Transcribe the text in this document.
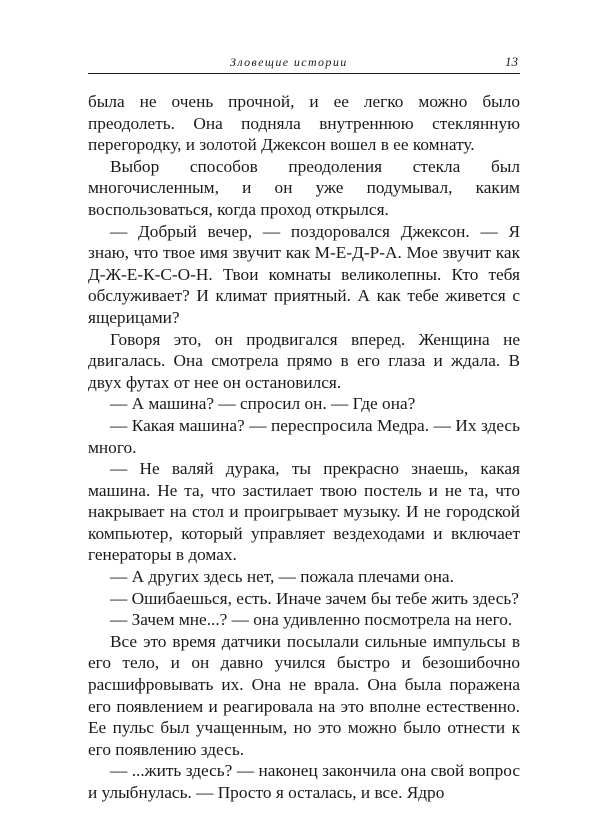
Зловещие истории	13

была не очень прочной, и ее легко можно было преодолеть. Она подняла внутреннюю стеклянную перегородку, и золотой Джексон вошел в ее комнату.

Выбор способов преодоления стекла был многочисленным, и он уже подумывал, каким воспользоваться, когда проход открылся.

— Добрый вечер, — поздоровался Джексон. — Я знаю, что твое имя звучит как М-Е-Д-Р-А. Мое звучит как Д-Ж-Е-К-С-О-Н. Твои комнаты великолепны. Кто тебя обслуживает? И климат приятный. А как тебе живется с ящерицами?

Говоря это, он продвигался вперед. Женщина не двигалась. Она смотрела прямо в его глаза и ждала. В двух футах от нее он остановился.

— А машина? — спросил он. — Где она?

— Какая машина? — переспросила Медра. — Их здесь много.

— Не валяй дурака, ты прекрасно знаешь, какая машина. Не та, что застилает твою постель и не та, что накрывает на стол и проигрывает музыку. И не городской компьютер, который управляет вездеходами и включает генераторы в домах.

— А других здесь нет, — пожала плечами она.

— Ошибаешься, есть. Иначе зачем бы тебе жить здесь?

— Зачем мне...? — она удивленно посмотрела на него.

Все это время датчики посылали сильные импульсы в его тело, и он давно учился быстро и безошибочно расшифровывать их. Она не врала. Она была поражена его появлением и реагировала на это вполне естественно. Ее пульс был учащенным, но это можно было отнести к его появлению здесь.

— ...жить здесь? — наконец закончила она свой вопрос и улыбнулась. — Просто я осталась, и все. Ядро
